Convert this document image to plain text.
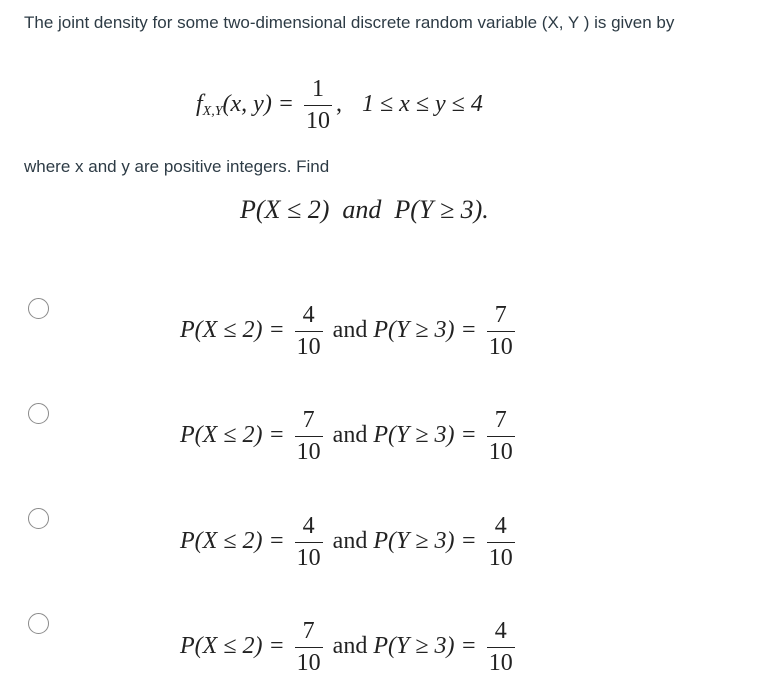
The joint density for some two-dimensional discrete random variable (X, Y ) is given by
$f_{X,Y}(x$, $y) = \frac{1}{10}$ , 1 ≤ x ≤ y ≤ 4
where x and y are positive integers. Find
P(X ≤ 2)  and  P(Y ≥ 3).
$P(X \le 2) = \frac{4}{10}$ and $P(Y \ge 3) = \frac{7}{10}$
$P(X \le 2) = \frac{7}{10}$ and $P(Y \ge 3) = \frac{7}{10}$
$P(X \le 2) = \frac{4}{10}$ and $P(Y \ge 3) = \frac{4}{10}$
$P(X \le 2) = \frac{7}{10}$ and $P(Y \ge 3) = \frac{4}{10}$
